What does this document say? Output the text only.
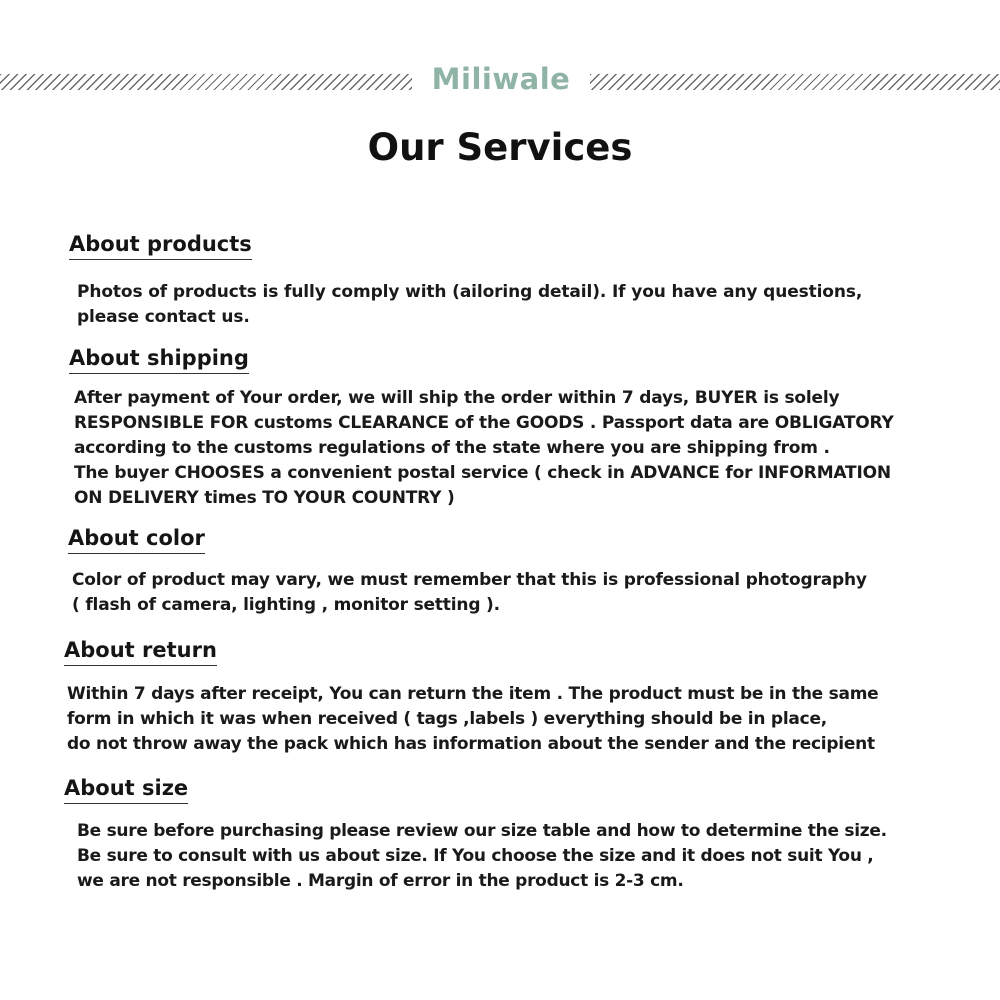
Miliwale
Our Services
About products
Photos of products is fully comply with (ailoring detail). If you have any questions,
please contact us.
About shipping
After payment of Your order, we will ship the order within 7 days, BUYER is solely
RESPONSIBLE FOR customs CLEARANCE of the GOODS . Passport data are OBLIGATORY
according to the customs regulations of the state where you are shipping from .
The buyer CHOOSES a convenient postal service ( check in ADVANCE for INFORMATION
ON DELIVERY times TO YOUR COUNTRY )
About color
Color of product may vary, we must remember that this is professional photography
( flash of camera, lighting , monitor setting ).
About return
Within 7 days after receipt, You can return the item . The product must be in the same
form in which it was when received ( tags ,labels ) everything should be in place,
do not throw away the pack which has information about the sender and the recipient
About size
Be sure before purchasing please review our size table and how to determine the size.
Be sure to consult with us about size. If You choose the size and it does not suit You ,
we are not responsible . Margin of error in the product is 2-3 cm.
